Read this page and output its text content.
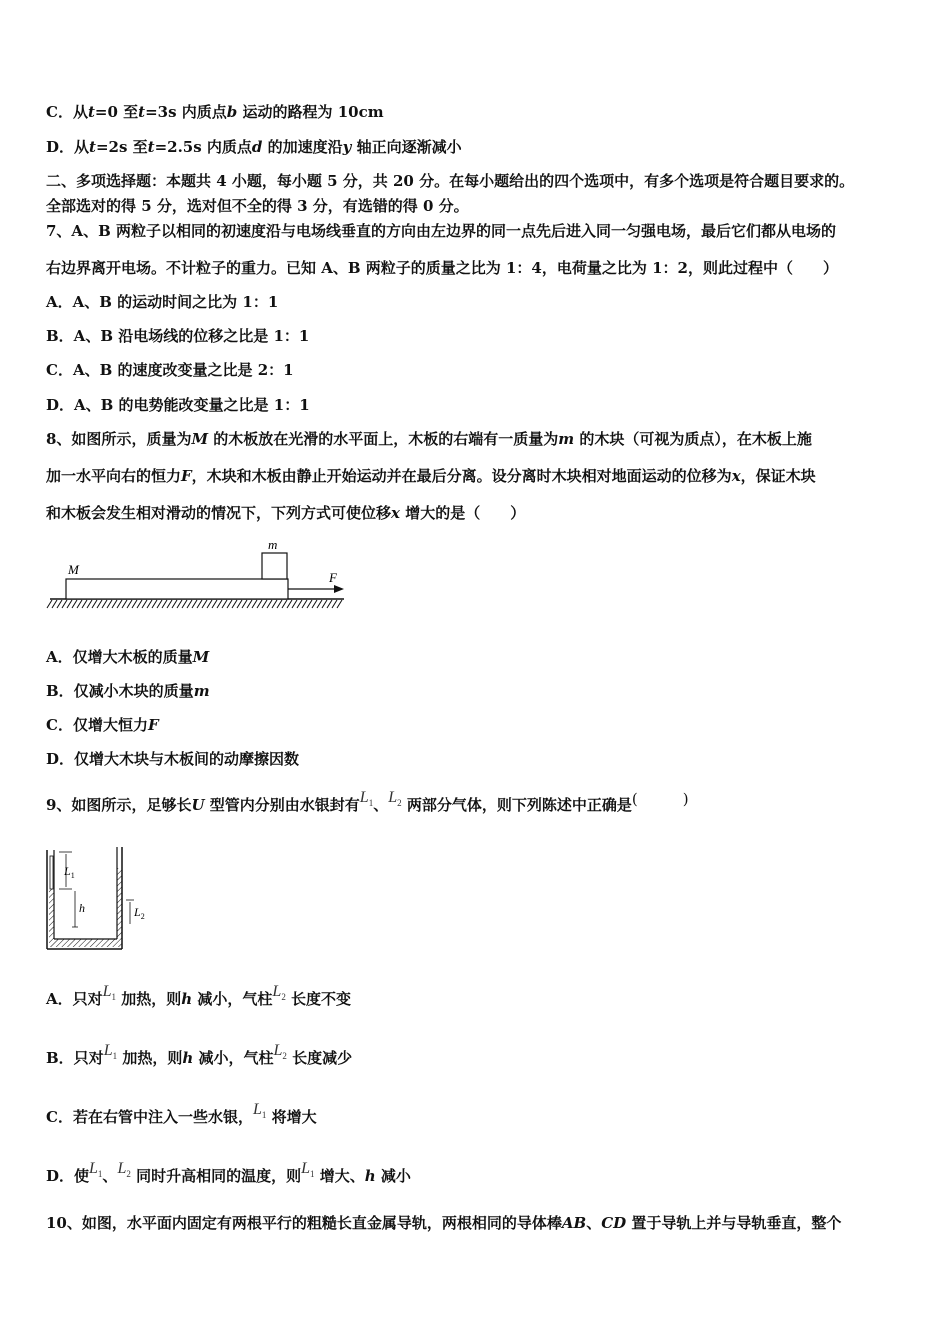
C．从t=0 至t=3s 内质点b 运动的路程为 10cm
D．从t=2s 至t=2.5s 内质点d 的加速度沿y 轴正向逐渐减小
二、多项选择题：本题共 4 小题，每小题 5 分，共 20 分。在每小题给出的四个选项中，有多个选项是符合题目要求的。
全部选对的得 5 分，选对但不全的得 3 分，有选错的得 0 分。
7、A、B 两粒子以相同的初速度沿与电场线垂直的方向由左边界的同一点先后进入同一匀强电场，最后它们都从电场的
右边界离开电场。不计粒子的重力。已知 A、B 两粒子的质量之比为 1：4，电荷量之比为 1：2，则此过程中（　　）
A．A、B 的运动时间之比为 1：1
B．A、B 沿电场线的位移之比是 1：1
C．A、B 的速度改变量之比是 2：1
D．A、B 的电势能改变量之比是 1：1
8、如图所示，质量为M 的木板放在光滑的水平面上，木板的右端有一质量为m 的木块（可视为质点），在木板上施
加一水平向右的恒力F，木块和木板由静止开始运动并在最后分离。设分离时木块相对地面运动的位移为x，保证木块
和木板会发生相对滑动的情况下，下列方式可使位移x 增大的是（　　）
M
m
F
A．仅增大木板的质量M
B．仅减小木块的质量m
C．仅增大恒力F
D．仅增大木块与木板间的动摩擦因数
9、如图所示，足够长U 型管内分别由水银封有$L_1$、$L_2$ 两部分气体，则下列陈述中正确是(　　　)
$L_1$
h	$L_2$
A．只对$L_1$ 加热，则h 减小，气柱$L_2$ 长度不变
B．只对$L_1$ 加热，则h 减小，气柱$L_2$ 长度减少
C．若在右管中注入一些水银，$L_1$ 将增大
D．使$L_1$、$L_2$ 同时升高相同的温度，则$L_1$ 增大、h 减小
10、如图，水平面内固定有两根平行的粗糙长直金属导轨，两根相同的导体棒AB、CD 置于导轨上并与导轨垂直，整个
